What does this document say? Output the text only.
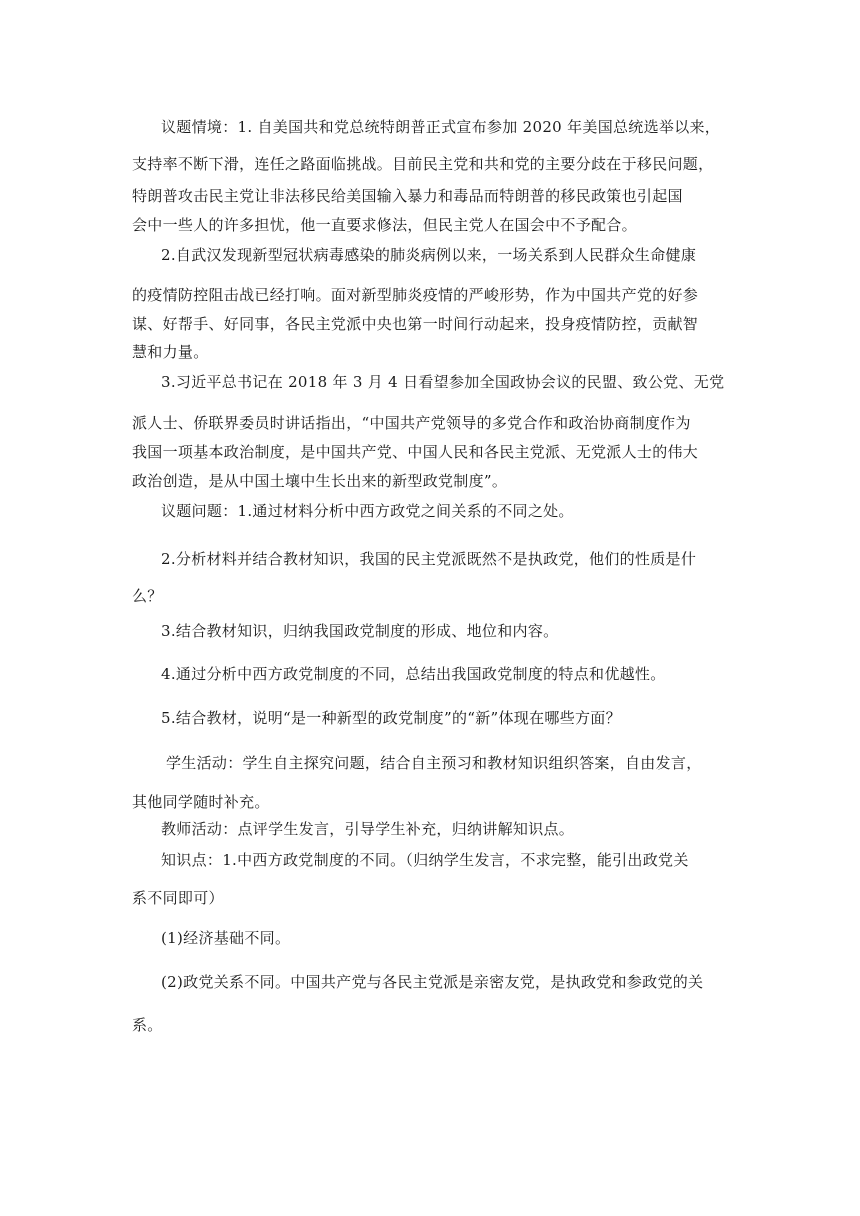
议题情境：1. 自美国共和党总统特朗普正式宣布参加 2020 年美国总统选举以来，
支持率不断下滑，连任之路面临挑战。目前民主党和共和党的主要分歧在于移民问题，
特朗普攻击民主党让非法移民给美国输入暴力和毒品而特朗普的移民政策也引起国
会中一些人的许多担忧，他一直要求修法，但民主党人在国会中不予配合。
2.自武汉发现新型冠状病毒感染的肺炎病例以来，一场关系到人民群众生命健康
的疫情防控阻击战已经打响。面对新型肺炎疫情的严峻形势，作为中国共产党的好参
谋、好帮手、好同事，各民主党派中央也第一时间行动起来，投身疫情防控，贡献智
慧和力量。
3.习近平总书记在 2018 年 3 月 4 日看望参加全国政协会议的民盟、致公党、无党
派人士、侨联界委员时讲话指出，“中国共产党领导的多党合作和政治协商制度作为
我国一项基本政治制度，是中国共产党、中国人民和各民主党派、无党派人士的伟大
政治创造，是从中国土壤中生长出来的新型政党制度”。
议题问题：1.通过材料分析中西方政党之间关系的不同之处。
2.分析材料并结合教材知识，我国的民主党派既然不是执政党，他们的性质是什
么？
3.结合教材知识，归纳我国政党制度的形成、地位和内容。
4.通过分析中西方政党制度的不同，总结出我国政党制度的特点和优越性。
5.结合教材，说明“是一种新型的政党制度”的“新”体现在哪些方面？
学生活动：学生自主探究问题，结合自主预习和教材知识组织答案，自由发言，
其他同学随时补充。
教师活动：点评学生发言，引导学生补充，归纳讲解知识点。
知识点：1.中西方政党制度的不同。（归纳学生发言，不求完整，能引出政党关
系不同即可）
(1)经济基础不同。
(2)政党关系不同。中国共产党与各民主党派是亲密友党，是执政党和参政党的关
系。
